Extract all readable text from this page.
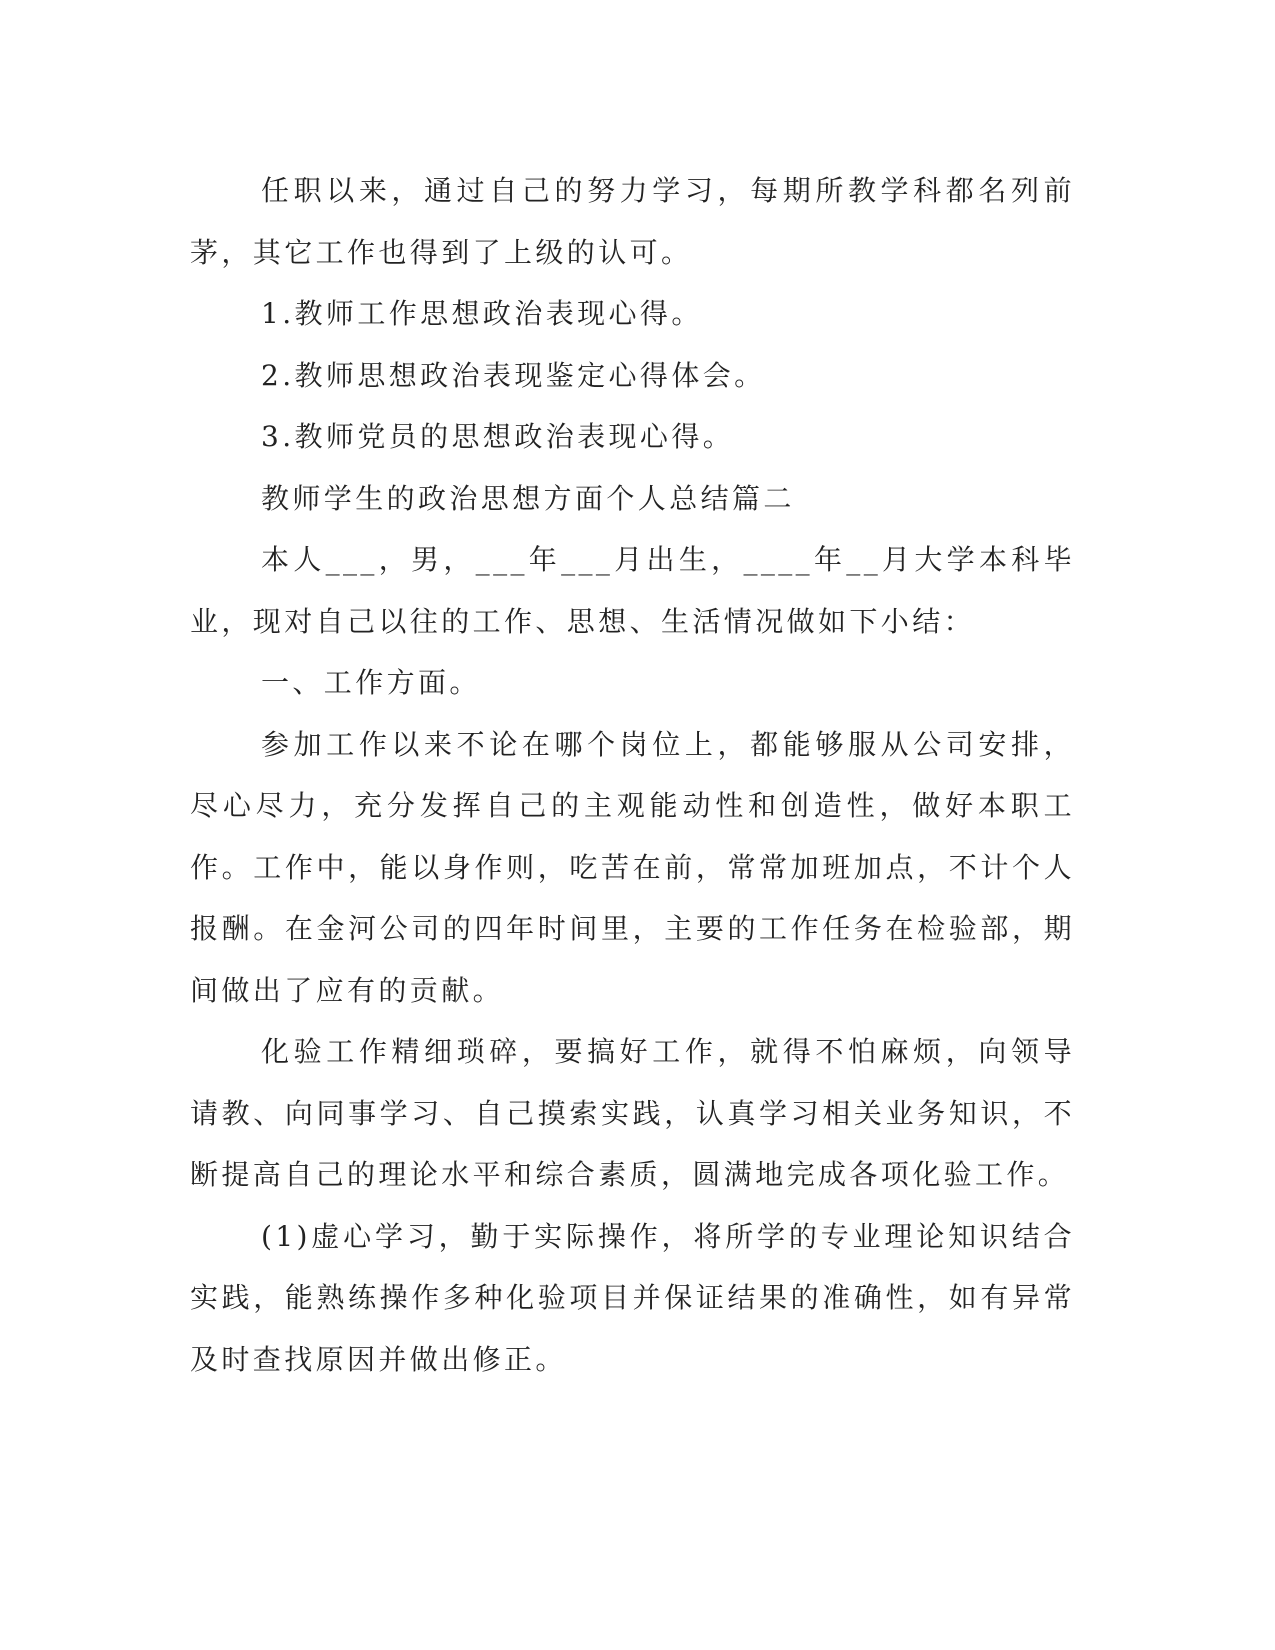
任职以来，通过自己的努力学习，每期所教学科都名列前茅，其它工作也得到了上级的认可。

1.教师工作思想政治表现心得。

2.教师思想政治表现鉴定心得体会。

3.教师党员的思想政治表现心得。

教师学生的政治思想方面个人总结篇二

本人___，男，___年___月出生，____年__月大学本科毕业，现对自己以往的工作、思想、生活情况做如下小结：

一、工作方面。

参加工作以来不论在哪个岗位上，都能够服从公司安排，尽心尽力，充分发挥自己的主观能动性和创造性，做好本职工作。工作中，能以身作则，吃苦在前，常常加班加点，不计个人报酬。在金河公司的四年时间里，主要的工作任务在检验部，期间做出了应有的贡献。

化验工作精细琐碎，要搞好工作，就得不怕麻烦，向领导请教、向同事学习、自己摸索实践，认真学习相关业务知识，不断提高自己的理论水平和综合素质，圆满地完成各项化验工作。

(1)虚心学习，勤于实际操作，将所学的专业理论知识结合实践，能熟练操作多种化验项目并保证结果的准确性，如有异常及时查找原因并做出修正。
